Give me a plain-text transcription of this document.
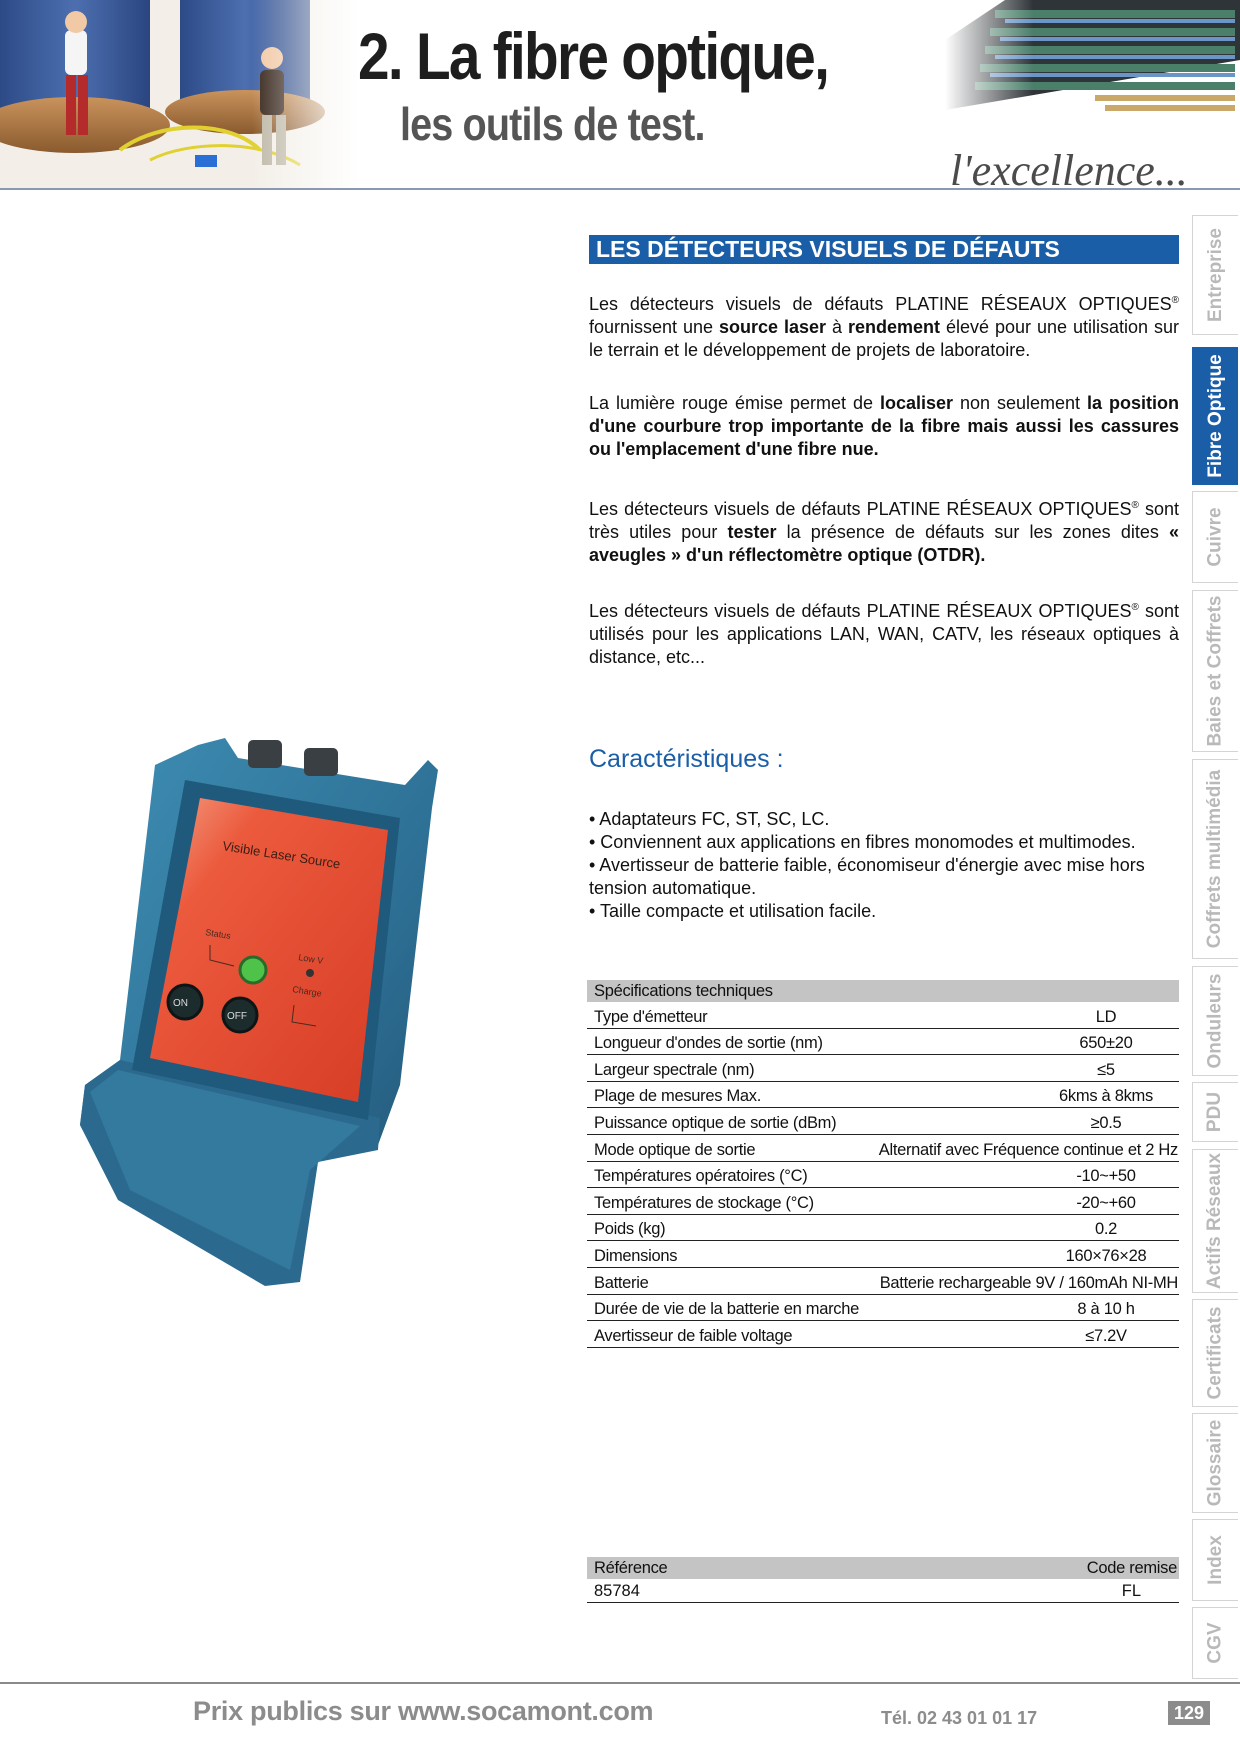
2. La fibre optique,
les outils de test.
l'excellence...
Entreprise
Fibre Optique
Cuivre
Baies et Coffrets
Coffrets multimédia
Onduleurs
PDU
Actifs Réseaux
Certificats
Glossaire
Index
CGV
LES DÉTECTEURS VISUELS DE DÉFAUTS

Les détecteurs visuels de défauts PLATINE RÉSEAUX OPTIQUES® fournissent une source laser à rendement élevé pour une utilisation sur le terrain et le développement de projets de laboratoire.

La lumière rouge émise permet de localiser non seulement la position d'une courbure trop importante de la fibre mais aussi les cassures ou l'emplacement d'une fibre nue.

Les détecteurs visuels de défauts PLATINE RÉSEAUX OPTIQUES® sont très utiles pour tester la présence de défauts sur les zones dites « aveugles » d'un réflectomètre optique (OTDR).

Les détecteurs visuels de défauts PLATINE RÉSEAUX OPTIQUES® sont utilisés pour les applications LAN, WAN, CATV, les réseaux optiques à distance, etc...

Caractéristiques :
• Adaptateurs FC, ST, SC, LC.
• Conviennent aux applications en fibres monomodes et multimodes.
• Avertisseur de batterie faible, économiseur d'énergie avec mise hors tension automatique.
• Taille compacte et utilisation facile.
Spécifications techniques
Type d'émetteur	LD
Longueur d'ondes de sortie (nm)	650±20
Largeur spectrale (nm)	≤5
Plage de mesures Max.	6kms à 8kms
Puissance optique de sortie (dBm)	≥0.5
Mode optique de sortie	Alternatif avec Fréquence continue et 2 Hz
Températures opératoires (°C)	-10~+50
Températures de stockage (°C)	-20~+60
Poids (kg)	0.2
Dimensions	160×76×28
Batterie	Batterie rechargeable 9V / 160mAh NI-MH
Durée de vie de la batterie en marche	8 à 10 h
Avertisseur de faible voltage	≤7.2V
Référence	Code remise
85784	FL
Visible Laser Source
Status
Low V
Charge
ON
OFF
Prix publics sur www.socamont.com	Tél. 02 43 01 01 17	129
